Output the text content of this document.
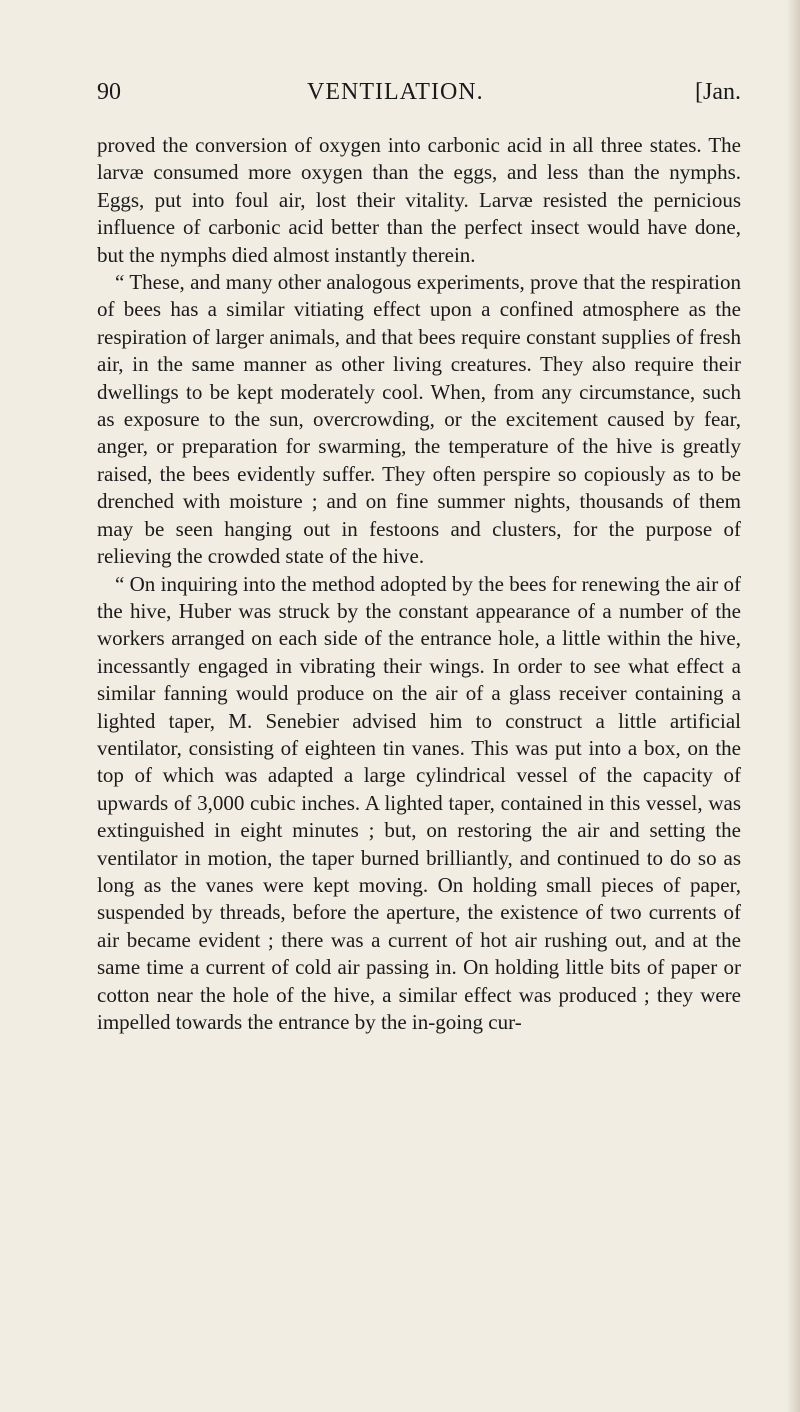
90	VENTILATION.	[Jan.

proved the conversion of oxygen into carbonic acid in all three states. The larvæ consumed more oxygen than the eggs, and less than the nymphs. Eggs, put into foul air, lost their vitality. Larvæ resisted the pernicious influence of carbonic acid better than the perfect insect would have done, but the nymphs died almost instantly therein.

“ These, and many other analogous experiments, prove that the respiration of bees has a similar vitiating effect upon a confined atmosphere as the respiration of larger animals, and that bees require constant supplies of fresh air, in the same manner as other living creatures. They also require their dwellings to be kept moderately cool. When, from any circumstance, such as exposure to the sun, overcrowding, or the excitement caused by fear, anger, or preparation for swarming, the temperature of the hive is greatly raised, the bees evidently suffer. They often perspire so copiously as to be drenched with moisture ; and on fine summer nights, thousands of them may be seen hanging out in festoons and clusters, for the purpose of relieving the crowded state of the hive.

“ On inquiring into the method adopted by the bees for renewing the air of the hive, Huber was struck by the constant appearance of a number of the workers arranged on each side of the entrance hole, a little within the hive, incessantly engaged in vibrating their wings. In order to see what effect a similar fanning would produce on the air of a glass receiver containing a lighted taper, M. Senebier advised him to construct a little artificial ventilator, consisting of eighteen tin vanes. This was put into a box, on the top of which was adapted a large cylindrical vessel of the capacity of upwards of 3,000 cubic inches. A lighted taper, contained in this vessel, was extinguished in eight minutes ; but, on restoring the air and setting the ventilator in motion, the taper burned brilliantly, and continued to do so as long as the vanes were kept moving. On holding small pieces of paper, suspended by threads, before the aperture, the existence of two currents of air became evident ; there was a current of hot air rushing out, and at the same time a current of cold air passing in. On holding little bits of paper or cotton near the hole of the hive, a similar effect was produced ; they were impelled towards the entrance by the in-going cur-
